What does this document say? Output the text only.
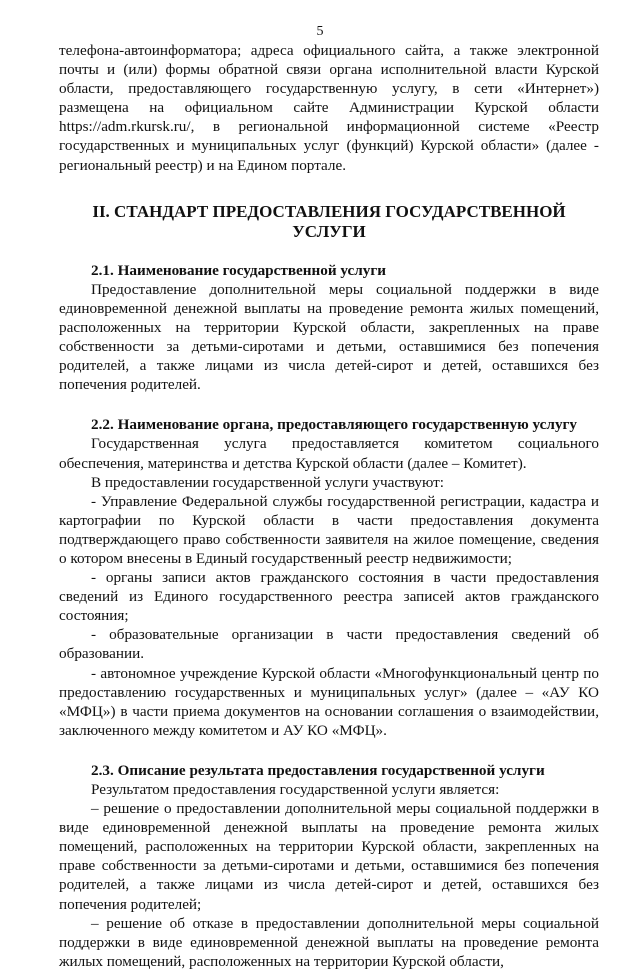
5

телефона-автоинформатора; адреса официального сайта, а также электронной почты и (или) формы обратной связи органа исполнительной власти Курской области, предоставляющего государственную услугу, в сети «Интернет») размещена на официальном сайте Администрации Курской области https://adm.rkursk.ru/, в региональной информационной системе «Реестр государственных и муниципальных услуг (функций) Курской области» (далее - региональный реестр) и на Едином портале.

II. СТАНДАРТ ПРЕДОСТАВЛЕНИЯ ГОСУДАРСТВЕННОЙ УСЛУГИ

2.1. Наименование государственной услуги

Предоставление дополнительной меры социальной поддержки в виде единовременной денежной выплаты на проведение ремонта жилых помещений, расположенных на территории Курской области, закрепленных на праве собственности за детьми-сиротами и детьми, оставшимися без попечения родителей, а также лицами из числа детей-сирот и детей, оставшихся без попечения родителей.

2.2. Наименование органа, предоставляющего государственную услугу

Государственная услуга предоставляется комитетом социального обеспечения, материнства и детства Курской области (далее – Комитет).

В предоставлении государственной услуги участвуют:

- Управление Федеральной службы государственной регистрации, кадастра и картографии по Курской области в части предоставления документа подтверждающего право собственности заявителя на жилое помещение, сведения о котором внесены в Единый государственный реестр недвижимости;

- органы записи актов гражданского состояния в части предоставления сведений из Единого государственного реестра записей актов гражданского состояния;

- образовательные организации в части предоставления сведений об образовании.

- автономное учреждение Курской области «Многофункциональный центр по предоставлению государственных и муниципальных услуг» (далее – «АУ КО «МФЦ») в части приема документов на основании соглашения о взаимодействии, заключенного между комитетом и АУ КО «МФЦ».

2.3. Описание результата предоставления государственной услуги

Результатом предоставления государственной услуги является:

– решение о предоставлении дополнительной меры социальной поддержки в виде единовременной денежной выплаты на проведение ремонта жилых помещений, расположенных на территории Курской области, закрепленных на праве собственности за детьми-сиротами и детьми, оставшимися без попечения родителей, а также лицами из числа детей-сирот и детей, оставшихся без попечения родителей;

– решение об отказе в предоставлении дополнительной меры социальной поддержки в виде единовременной денежной выплаты на проведение ремонта жилых помещений, расположенных на территории Курской области,
